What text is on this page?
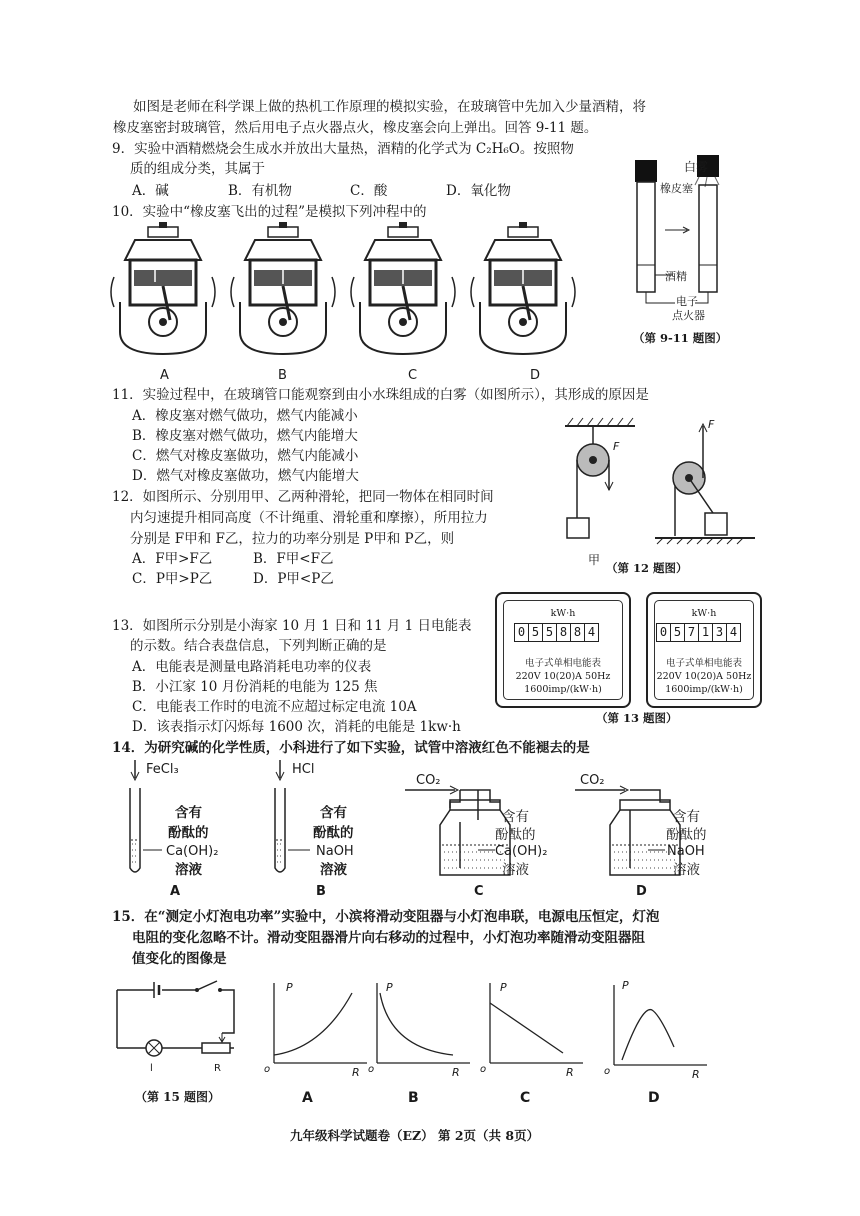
如图是老师在科学课上做的热机工作原理的模拟实验，在玻璃管中先加入少量酒精，将
橡皮塞密封玻璃管，然后用电子点火器点火，橡皮塞会向上弹出。回答 9-11 题。
9．实验中酒精燃烧会生成水并放出大量热，酒精的化学式为 C₂H₆O。按照物
质的组成分类，其属于
A．碱	B．有机物	C．酸	D．氧化物
10．实验中“橡皮塞飞出的过程”是模拟下列冲程中的
A	B	C	D
白雾
橡皮塞
酒精
电子
点火器
（第 9-11 题图）
11．实验过程中，在玻璃管口能观察到由小水珠组成的白雾（如图所示），其形成的原因是
A．橡皮塞对燃气做功，燃气内能减小
B．橡皮塞对燃气做功，燃气内能增大
C．燃气对橡皮塞做功，燃气内能减小
D．燃气对橡皮塞做功，燃气内能增大
12．如图所示、分别用甲、乙两种滑轮，把同一物体在相同时间
内匀速提升相同高度（不计绳重、滑轮重和摩擦），所用拉力
分别是 F甲和 F乙，拉力的功率分别是 P甲和 P乙，则
A．F甲>F乙	B．F甲<F乙
C．P甲>P乙	D．P甲<P乙
F
F
甲
（第 12 题图）
13．如图所示分别是小海家 10 月 1 日和 11 月 1 日电能表
的示数。结合表盘信息，下列判断正确的是
A．电能表是测量电路消耗电功率的仪表
B．小江家 10 月份消耗的电能为 125 焦
C．电能表工作时的电流不应超过标定电流 10A
D．该表指示灯闪烁每 1600 次，消耗的电能是 1kw·h
kW·h
0 5 5 8 8 4
电子式单相电能表
220V 10(20)A 50Hz
1600imp/(kW·h)
kW·h
0 5 7 1 3 4
电子式单相电能表
220V 10(20)A 50Hz
1600imp/(kW·h)
（第 13 题图）
14．为研究碱的化学性质，小科进行了如下实验，试管中溶液红色不能褪去的是
FeCl₃
含有
酚酞的
Ca(OH)₂
溶液
A
HCl
含有
酚酞的
NaOH
溶液
B
CO₂
含有
酚酞的
Ca(OH)₂
溶液
C
CO₂
含有
酚酞的
NaOH
溶液
D
15．在“测定小灯泡电功率”实验中，小滨将滑动变阻器与小灯泡串联，电源电压恒定，灯泡
电阻的变化忽略不计。滑动变阻器滑片向右移动的过程中，小灯泡功率随滑动变阻器阻
值变化的图像是
l	R
（第 15 题图）
P	P	P	P
o	o	o	o
R	R	R	R
A	B	C	D
九年级科学试题卷（EZ） 第 2页（共 8页）
